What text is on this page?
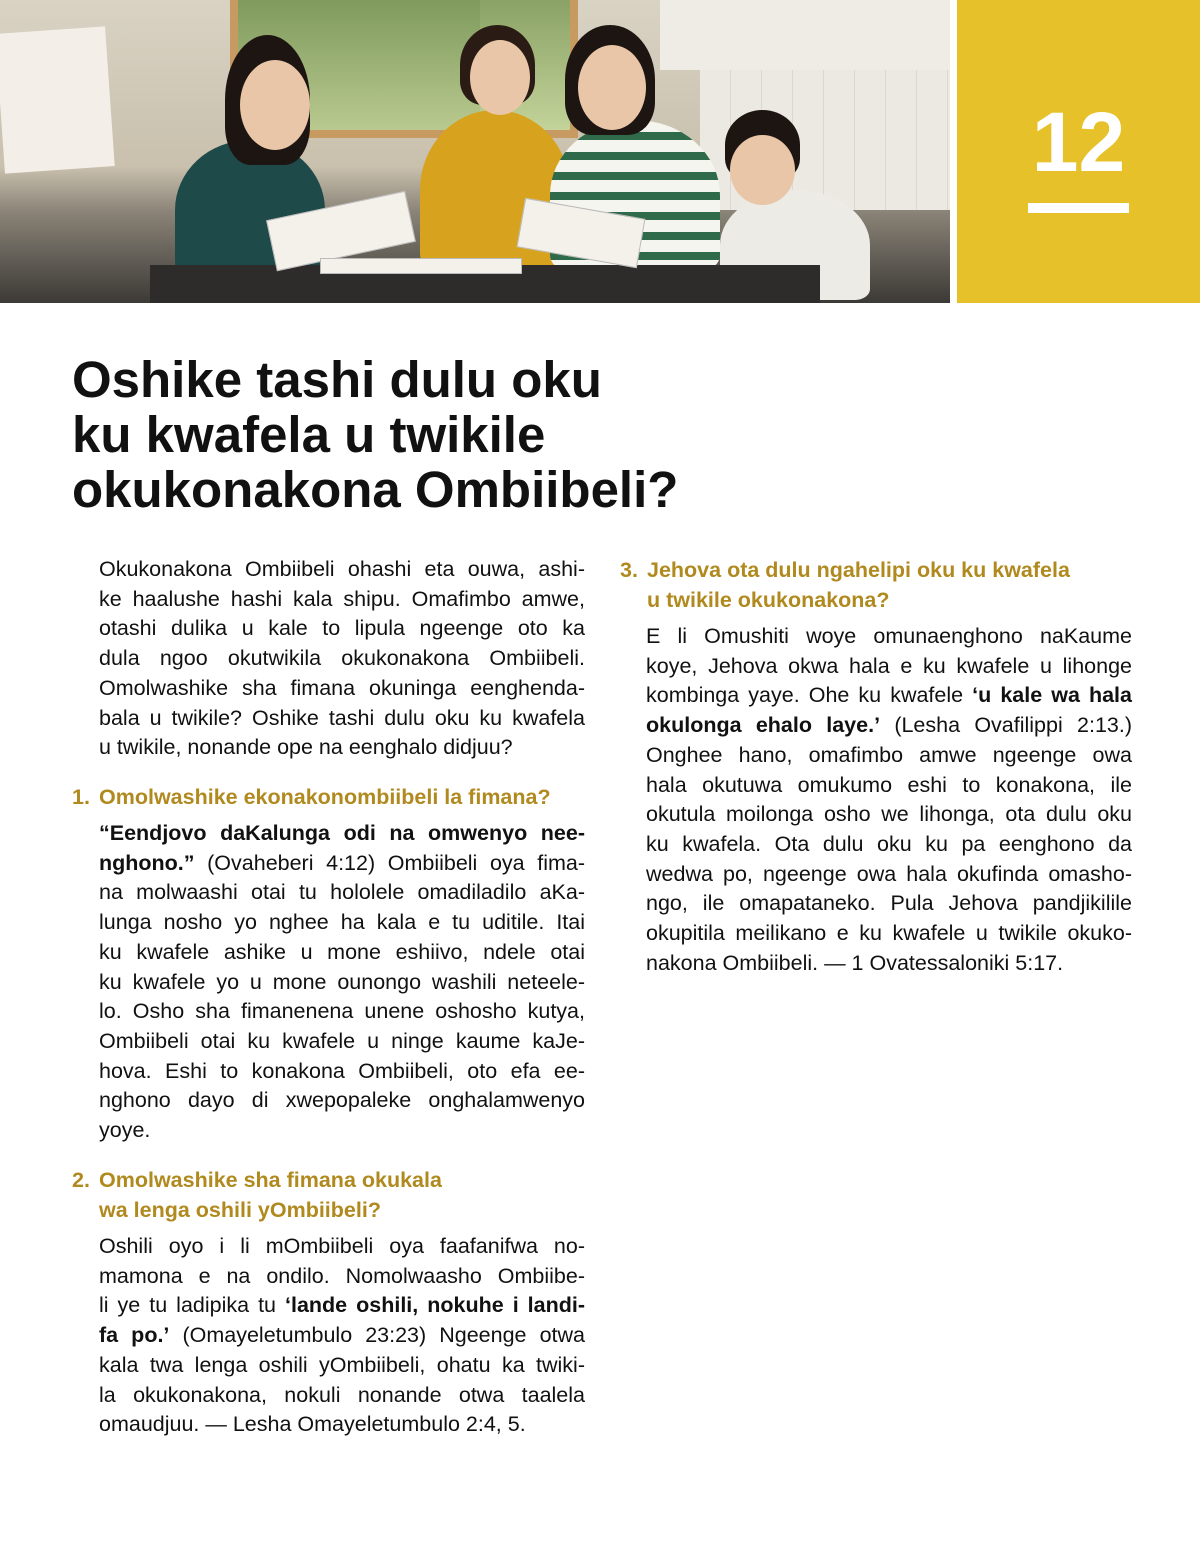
12
Oshike tashi dulu oku
ku kwafela u twikile
okukonakona Ombiibeli?
Okukonakona Ombiibeli ohashi eta ouwa, ashi-
ke haalushe hashi kala shipu. Omafimbo amwe,
otashi dulika u kale to lipula ngeenge oto ka
dula ngoo okutwikila okukonakona Ombiibeli.
Omolwashike sha fimana okuninga eenghenda-
bala u twikile? Oshike tashi dulu oku ku kwafela
u twikile, nonande ope na eenghalo didjuu?
1. Omolwashike ekonakonombiibeli la fimana?
“Eendjovo daKalunga odi na omwenyo nee-
nghono.” (Ovaheberi 4:12) Ombiibeli oya fima-
na molwaashi otai tu hololele omadiladilo aKa-
lunga nosho yo nghee ha kala e tu uditile. Itai
ku kwafele ashike u mone eshiivo, ndele otai
ku kwafele yo u mone ounongo washili neteele-
lo. Osho sha fimanenena unene oshosho kutya,
Ombiibeli otai ku kwafele u ninge kaume kaJe-
hova. Eshi to konakona Ombiibeli, oto efa ee-
nghono dayo di xwepopaleke onghalamwenyo
yoye.
2. Omolwashike sha fimana okukala
wa lenga oshili yOmbiibeli?
Oshili oyo i li mOmbiibeli oya faafanifwa no-
mamona e na ondilo. Nomolwaasho Ombiibe-
li ye tu ladipika tu ‘lande oshili, nokuhe i landi-
fa po.’ (Omayeletumbulo 23:23) Ngeenge otwa
kala twa lenga oshili yOmbiibeli, ohatu ka twiki-
la okukonakona, nokuli nonande otwa taalela
omaudjuu. — Lesha Omayeletumbulo 2:4, 5.
3. Jehova ota dulu ngahelipi oku ku kwafela
u twikile okukonakona?
E li Omushiti woye omunaenghono naKaume
koye, Jehova okwa hala e ku kwafele u lihonge
kombinga yaye. Ohe ku kwafele ‘u kale wa hala
okulonga ehalo laye.’ (Lesha Ovafilippi 2:13.)
Onghee hano, omafimbo amwe ngeenge owa
hala okutuwa omukumo eshi to konakona, ile
okutula moilonga osho we lihonga, ota dulu oku
ku kwafela. Ota dulu oku ku pa eenghono da
wedwa po, ngeenge owa hala okufinda omasho-
ngo, ile omapataneko. Pula Jehova pandjikilile
okupitila meilikano e ku kwafele u twikile okuko-
nakona Ombiibeli. — 1 Ovatessaloniki 5:17.
